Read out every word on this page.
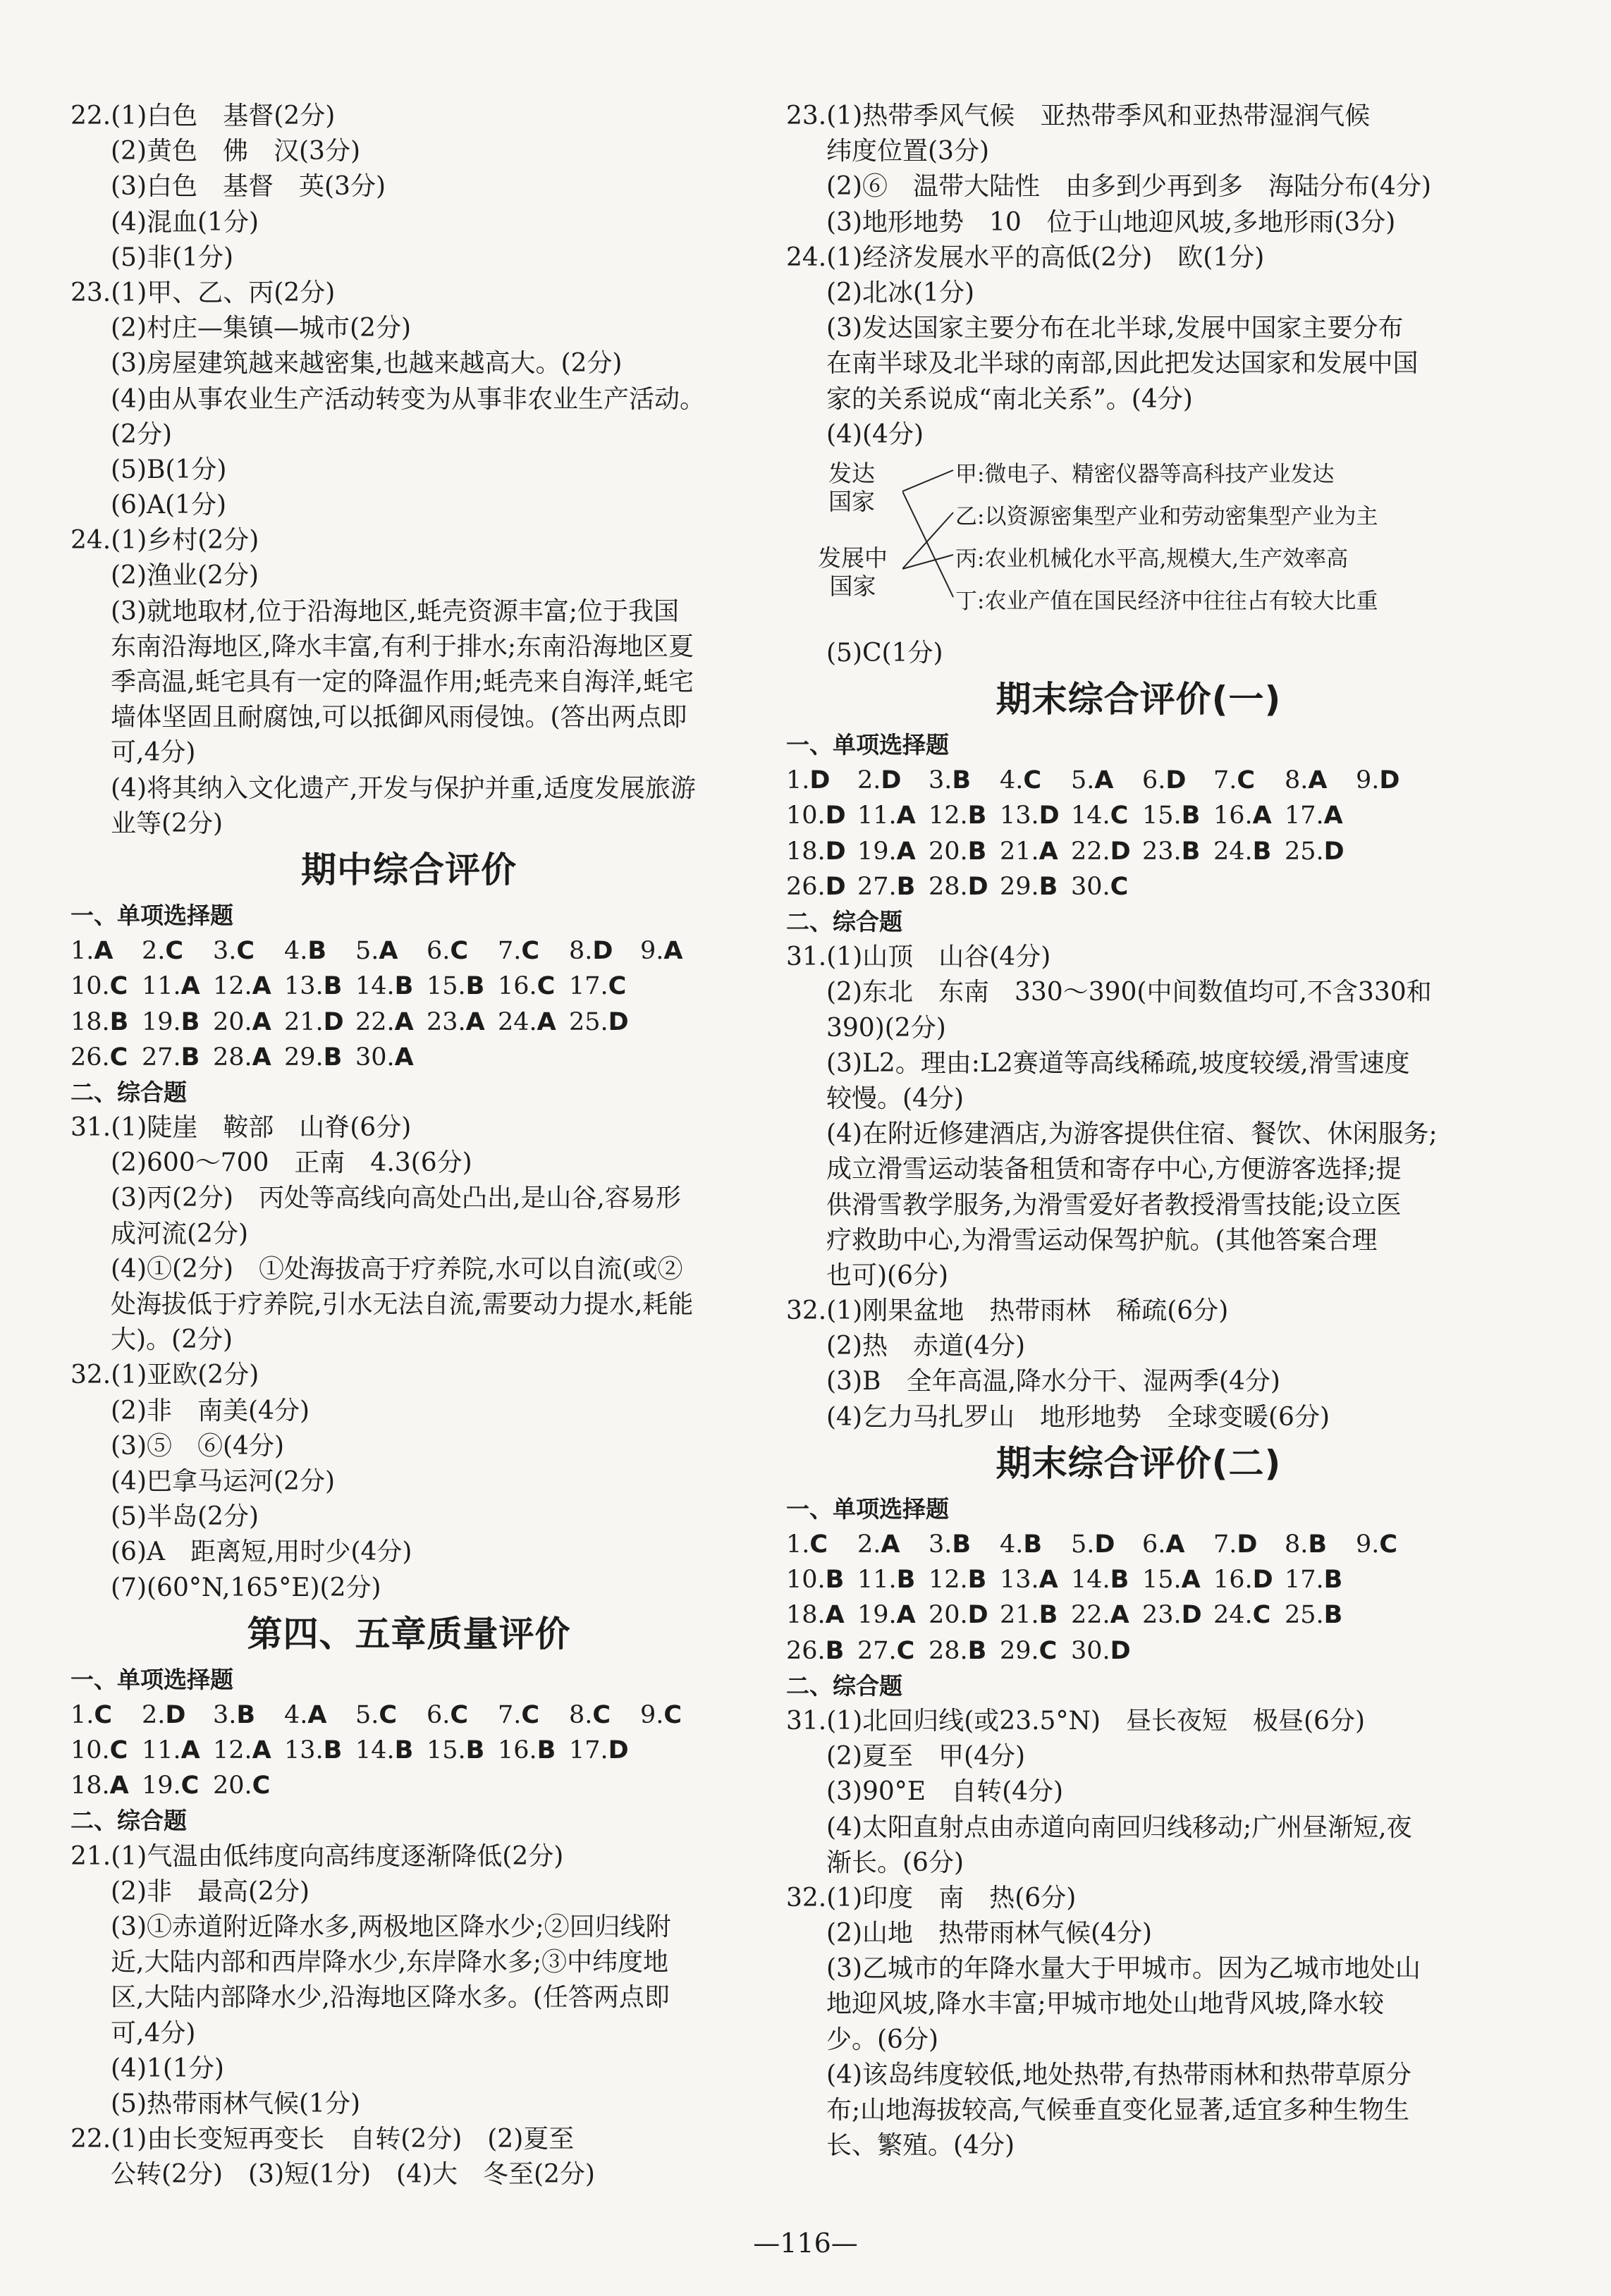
22.(1)白色　基督(2分)
(2)黄色　佛　汉(3分)
(3)白色　基督　英(3分)
(4)混血(1分)
(5)非(1分)
23.(1)甲、乙、丙(2分)
(2)村庄—集镇—城市(2分)
(3)房屋建筑越来越密集,也越来越高大。(2分)
(4)由从事农业生产活动转变为从事非农业生产活动。
(2分)
(5)B(1分)
(6)A(1分)
24.(1)乡村(2分)
(2)渔业(2分)
(3)就地取材,位于沿海地区,蚝壳资源丰富;位于我国
东南沿海地区,降水丰富,有利于排水;东南沿海地区夏
季高温,蚝宅具有一定的降温作用;蚝壳来自海洋,蚝宅
墙体坚固且耐腐蚀,可以抵御风雨侵蚀。(答出两点即
可,4分)
(4)将其纳入文化遗产,开发与保护并重,适度发展旅游
业等(2分)
期中综合评价
一、单项选择题
1.A 2.C 3.C 4.B 5.A 6.C 7.C 8.D 9.A
10.C 11.A 12.A 13.B 14.B 15.B 16.C 17.C
18.B 19.B 20.A 21.D 22.A 23.A 24.A 25.D
26.C 27.B 28.A 29.B 30.A
二、综合题
31.(1)陡崖　鞍部　山脊(6分)
(2)600～700　正南　4.3(6分)
(3)丙(2分)　丙处等高线向高处凸出,是山谷,容易形
成河流(2分)
(4)①(2分)　①处海拔高于疗养院,水可以自流(或②
处海拔低于疗养院,引水无法自流,需要动力提水,耗能
大)。(2分)
32.(1)亚欧(2分)
(2)非　南美(4分)
(3)⑤　⑥(4分)
(4)巴拿马运河(2分)
(5)半岛(2分)
(6)A　距离短,用时少(4分)
(7)(60°N,165°E)(2分)
第四、五章质量评价
一、单项选择题
1.C 2.D 3.B 4.A 5.C 6.C 7.C 8.C 9.C
10.C 11.A 12.A 13.B 14.B 15.B 16.B 17.D
18.A 19.C 20.C
二、综合题
21.(1)气温由低纬度向高纬度逐渐降低(2分)
(2)非　最高(2分)
(3)①赤道附近降水多,两极地区降水少;②回归线附
近,大陆内部和西岸降水少,东岸降水多;③中纬度地
区,大陆内部降水少,沿海地区降水多。(任答两点即
可,4分)
(4)1(1分)
(5)热带雨林气候(1分)
22.(1)由长变短再变长　自转(2分)　(2)夏至
公转(2分)　(3)短(1分)　(4)大　冬至(2分)
23.(1)热带季风气候　亚热带季风和亚热带湿润气候
纬度位置(3分)
(2)⑥　温带大陆性　由多到少再到多　海陆分布(4分)
(3)地形地势　10　位于山地迎风坡,多地形雨(3分)
24.(1)经济发展水平的高低(2分)　欧(1分)
(2)北冰(1分)
(3)发达国家主要分布在北半球,发展中国家主要分布
在南半球及北半球的南部,因此把发达国家和发展中国
家的关系说成“南北关系”。(4分)
(4)(4分)
发达
国家
发展中
国家
甲:微电子、精密仪器等高科技产业发达
乙:以资源密集型产业和劳动密集型产业为主
丙:农业机械化水平高,规模大,生产效率高
丁:农业产值在国民经济中往往占有较大比重
(5)C(1分)
期末综合评价(一)
一、单项选择题
1.D 2.D 3.B 4.C 5.A 6.D 7.C 8.A 9.D
10.D 11.A 12.B 13.D 14.C 15.B 16.A 17.A
18.D 19.A 20.B 21.A 22.D 23.B 24.B 25.D
26.D 27.B 28.D 29.B 30.C
二、综合题
31.(1)山顶　山谷(4分)
(2)东北　东南　330～390(中间数值均可,不含330和
390)(2分)
(3)L2。理由:L2赛道等高线稀疏,坡度较缓,滑雪速度
较慢。(4分)
(4)在附近修建酒店,为游客提供住宿、餐饮、休闲服务;
成立滑雪运动装备租赁和寄存中心,方便游客选择;提
供滑雪教学服务,为滑雪爱好者教授滑雪技能;设立医
疗救助中心,为滑雪运动保驾护航。(其他答案合理
也可)(6分)
32.(1)刚果盆地　热带雨林　稀疏(6分)
(2)热　赤道(4分)
(3)B　全年高温,降水分干、湿两季(4分)
(4)乞力马扎罗山　地形地势　全球变暖(6分)
期末综合评价(二)
一、单项选择题
1.C 2.A 3.B 4.B 5.D 6.A 7.D 8.B 9.C
10.B 11.B 12.B 13.A 14.B 15.A 16.D 17.B
18.A 19.A 20.D 21.B 22.A 23.D 24.C 25.B
26.B 27.C 28.B 29.C 30.D
二、综合题
31.(1)北回归线(或23.5°N)　昼长夜短　极昼(6分)
(2)夏至　甲(4分)
(3)90°E　自转(4分)
(4)太阳直射点由赤道向南回归线移动;广州昼渐短,夜
渐长。(6分)
32.(1)印度　南　热(6分)
(2)山地　热带雨林气候(4分)
(3)乙城市的年降水量大于甲城市。因为乙城市地处山
地迎风坡,降水丰富;甲城市地处山地背风坡,降水较
少。(6分)
(4)该岛纬度较低,地处热带,有热带雨林和热带草原分
布;山地海拔较高,气候垂直变化显著,适宜多种生物生
长、繁殖。(4分)
—116—
